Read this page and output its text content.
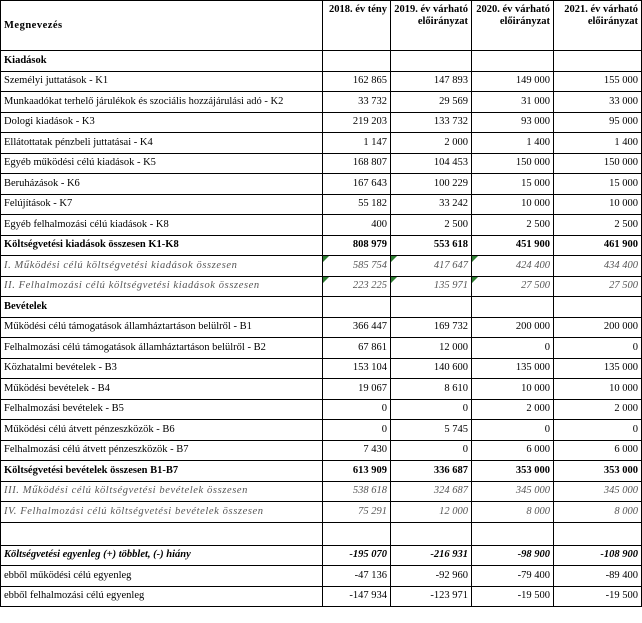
Megnevezés	2018. év tény	2019. év várható előirányzat	2020. év várható előirányzat	2021. év várható előirányzat
Kiadások				
Személyi juttatások - K1	162 865	147 893	149 000	155 000
Munkaadókat terhelő járulékok és szociális hozzájárulási adó - K2	33 732	29 569	31 000	33 000
Dologi kiadások - K3	219 203	133 732	93 000	95 000
Ellátottatak pénzbeli juttatásai - K4	1 147	2 000	1 400	1 400
Egyéb működési célú kiadások - K5	168 807	104 453	150 000	150 000
Beruházások - K6	167 643	100 229	15 000	15 000
Felújítások - K7	55 182	33 242	10 000	10 000
Egyéb felhalmozási célú kiadások - K8	400	2 500	2 500	2 500
Költségvetési kiadások összesen K1-K8	808 979	553 618	451 900	461 900
I. Működési célú költségvetési kiadások összesen	585 754	417 647	424 400	434 400
II. Felhalmozási célú költségvetési kiadások összesen	223 225	135 971	27 500	27 500
Bevételek				
Működési célú támogatások államháztartáson belülről - B1	366 447	169 732	200 000	200 000
Felhalmozási célú támogatások államháztartáson belülről - B2	67 861	12 000	0	0
Közhatalmi bevételek - B3	153 104	140 600	135 000	135 000
Működési bevételek - B4	19 067	8 610	10 000	10 000
Felhalmozási bevételek - B5	0	0	2 000	2 000
Működési célú átvett pénzeszközök - B6	0	5 745	0	0
Felhalmozási célú átvett pénzeszközök - B7	7 430	0	6 000	6 000
Költségvetési bevételek összesen B1-B7	613 909	336 687	353 000	353 000
III. Működési célú költségvetési bevételek összesen	538 618	324 687	345 000	345 000
IV. Felhalmozási célú költségvetési bevételek összesen	75 291	12 000	8 000	8 000

Költségvetési egyenleg (+) többlet, (-) hiány	-195 070	-216 931	-98 900	-108 900
ebből működési célú egyenleg	-47 136	-92 960	-79 400	-89 400
ebből felhalmozási célú egyenleg	-147 934	-123 971	-19 500	-19 500
